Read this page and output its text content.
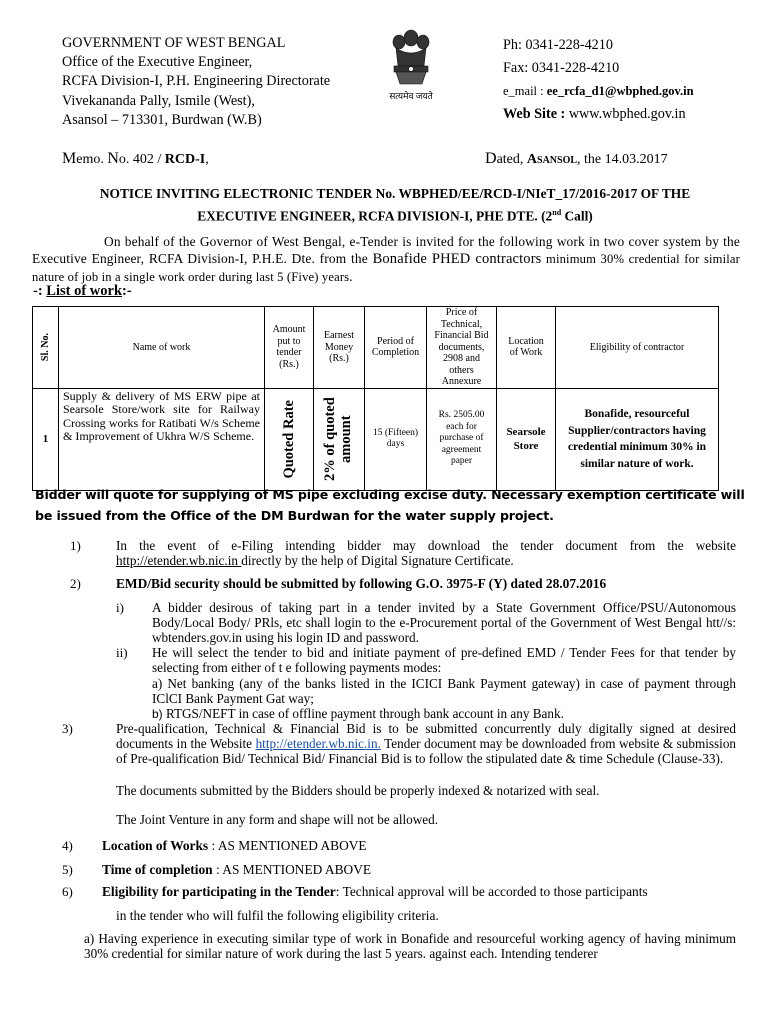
GOVERNMENT OF WEST BENGAL
Office of the Executive Engineer,
RCFA Division-I, P.H. Engineering Directorate
Vivekananda Pally, Ismile (West),
Asansol – 713301, Burdwan (W.B)
सत्यमेव जयते
Ph: 0341-228-4210
Fax: 0341-228-4210
e_mail : ee_rcfa_d1@wbphed.gov.in
Web Site : www.wbphed.gov.in
Memo. No. 402 / RCD-I,	Dated, Asansol, the 14.03.2017
NOTICE INVITING ELECTRONIC TENDER No. WBPHED/EE/RCD-I/NIeT_17/2016-2017 OF THE
EXECUTIVE ENGINEER, RCFA DIVISION-I, PHE DTE. (2nd Call)
On behalf of the Governor of West Bengal, e-Tender is invited for the following work in two cover system by the Executive Engineer, RCFA Division-I, P.H.E. Dte. from the Bonafide PHED contractors minimum 30% credential for similar nature of job in a single work order during last 5 (Five) years.
-: List of work:-
Sl. No.	Name of work	Amount put to tender (Rs.)	Earnest Money (Rs.)	Period of Completion	Price of Technical, Financial Bid documents, 2908 and others Annexure	Location of Work	Eligibility of contractor
1	Supply & delivery of MS ERW pipe at Searsole Store/work site for Railway Crossing works for Ratibati W/s Scheme & Improvement of Ukhra W/S Scheme.	Quoted Rate	2% of quoted amount	15 (Fifteen) days	Rs. 2505.00 each for purchase of agreement paper	Searsole Store	Bonafide, resourceful Supplier/contractors having credential minimum 30% in similar nature of work.
Bidder will quote for supplying of MS pipe excluding excise duty. Necessary exemption certificate will be issued from the Office of the DM Burdwan for the water supply project.
1)	In the event of e-Filing intending bidder may download the tender document from the website http://etender.wb.nic.in directly by the help of Digital Signature Certificate.
2)	EMD/Bid security should be submitted by following G.O. 3975-F (Y) dated 28.07.2016
i) A bidder desirous of taking part in a tender invited by a State Government Office/PSU/Autonomous Body/Local Body/ PRls, etc shall login to the e-Procurement portal of the Government of West Bengal htt//s: wbtenders.gov.in using his login ID and password.
ii) He will select the tender to bid and initiate payment of pre-defined EMD / Tender Fees for that tender by selecting from either of t e following payments modes:
a) Net banking (any of the banks listed in the ICICI Bank Payment gateway) in case of payment through IClCI Bank Payment Gat way;
b) RTGS/NEFT in case of offline payment through bank account in any Bank.
3)	Pre-qualification, Technical & Financial Bid is to be submitted concurrently duly digitally signed at desired documents in the Website http://etender.wb.nic.in. Tender document may be downloaded from website & submission of Pre-qualification Bid/ Technical Bid/ Financial Bid is to follow the stipulated date & time Schedule (Clause-33).
The documents submitted by the Bidders should be properly indexed & notarized with seal.
The Joint Venture in any form and shape will not be allowed.
4) Location of Works : AS MENTIONED ABOVE
5) Time of completion : AS MENTIONED ABOVE
6) Eligibility for participating in the Tender: Technical approval will be accorded to those participants
in the tender who will fulfil the following eligibility criteria.
a) Having experience in executing similar type of work in Bonafide and resourceful working agency of having minimum 30% credential for similar nature of work during the last 5 years. against each. Intending tenderer
